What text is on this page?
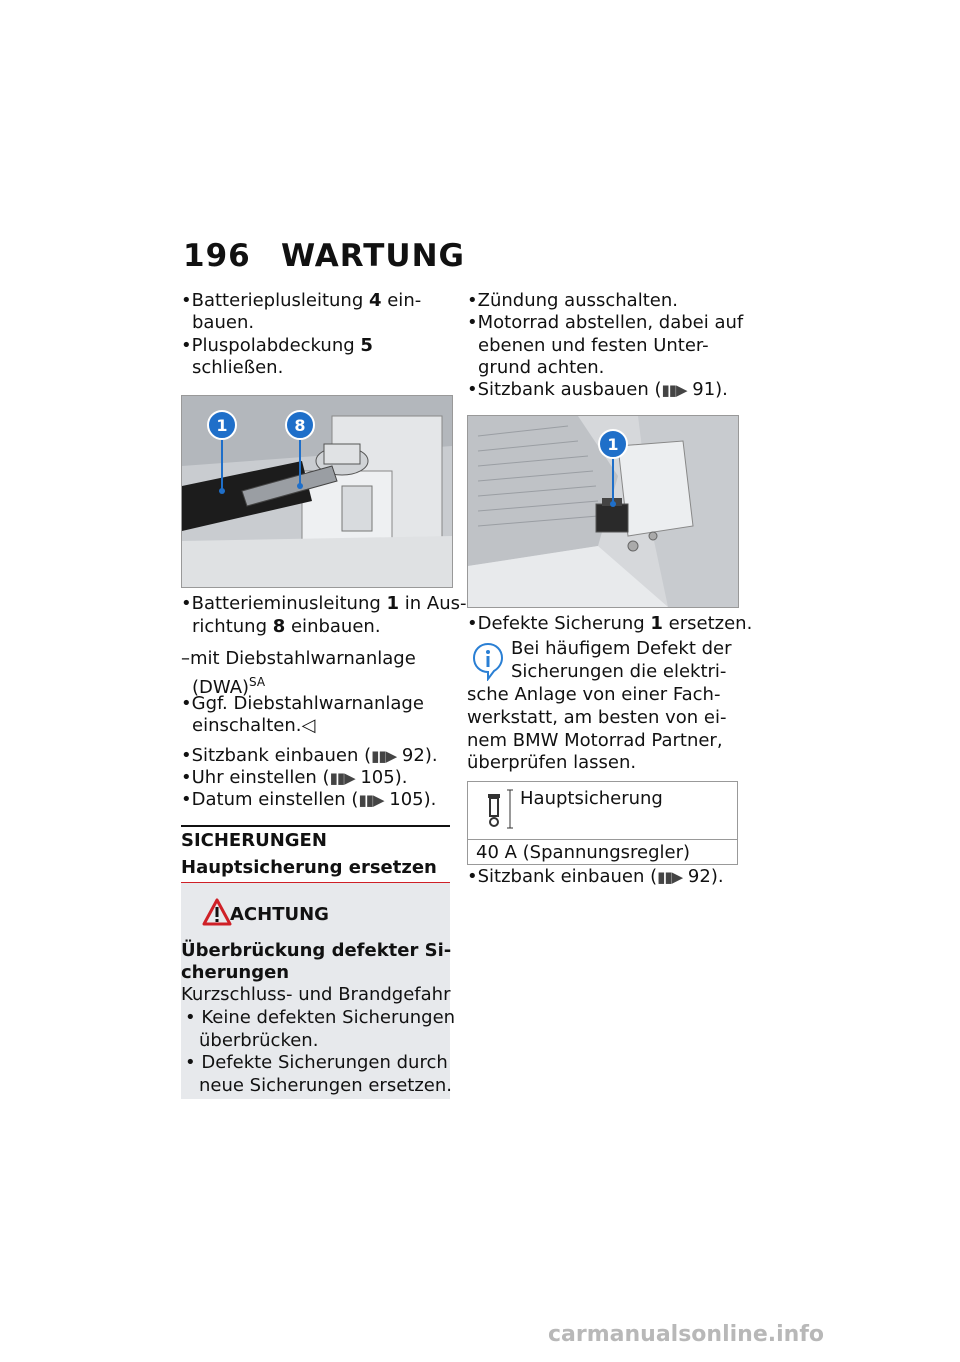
196 WARTUNG
•Batterieplusleitung 4 ein-
bauen.
•Pluspolabdeckung 5
schließen.
1	8
•Batterieminusleitung 1 in Aus-
richtung 8 einbauen.
–mit Diebstahlwarnanlage
(DWA)$^{SA}$
•Ggf. Diebstahlwarnanlage
einschalten.◁
•Sitzbank einbauen (▮▮▶ 92).
•Uhr einstellen (▮▮▶ 105).
•Datum einstellen (▮▮▶ 105).
SICHERUNGEN
Hauptsicherung ersetzen
ACHTUNG
Überbrückung defekter Si-
cherungen
Kurzschluss- und Brandgefahr
• Keine defekten Sicherungen
überbrücken.
• Defekte Sicherungen durch
neue Sicherungen ersetzen.
•Zündung ausschalten.
•Motorrad abstellen, dabei auf
ebenen und festen Unter-
grund achten.
•Sitzbank ausbauen (▮▮▶ 91).
1
•Defekte Sicherung 1 ersetzen.
Bei häufigem Defekt der
Sicherungen die elektri-
sche Anlage von einer Fach-
werkstatt, am besten von ei-
nem BMW Motorrad Partner,
überprüfen lassen.
Hauptsicherung
40 A (Spannungsregler)
•Sitzbank einbauen (▮▮▶ 92).
carmanualsonline.info
